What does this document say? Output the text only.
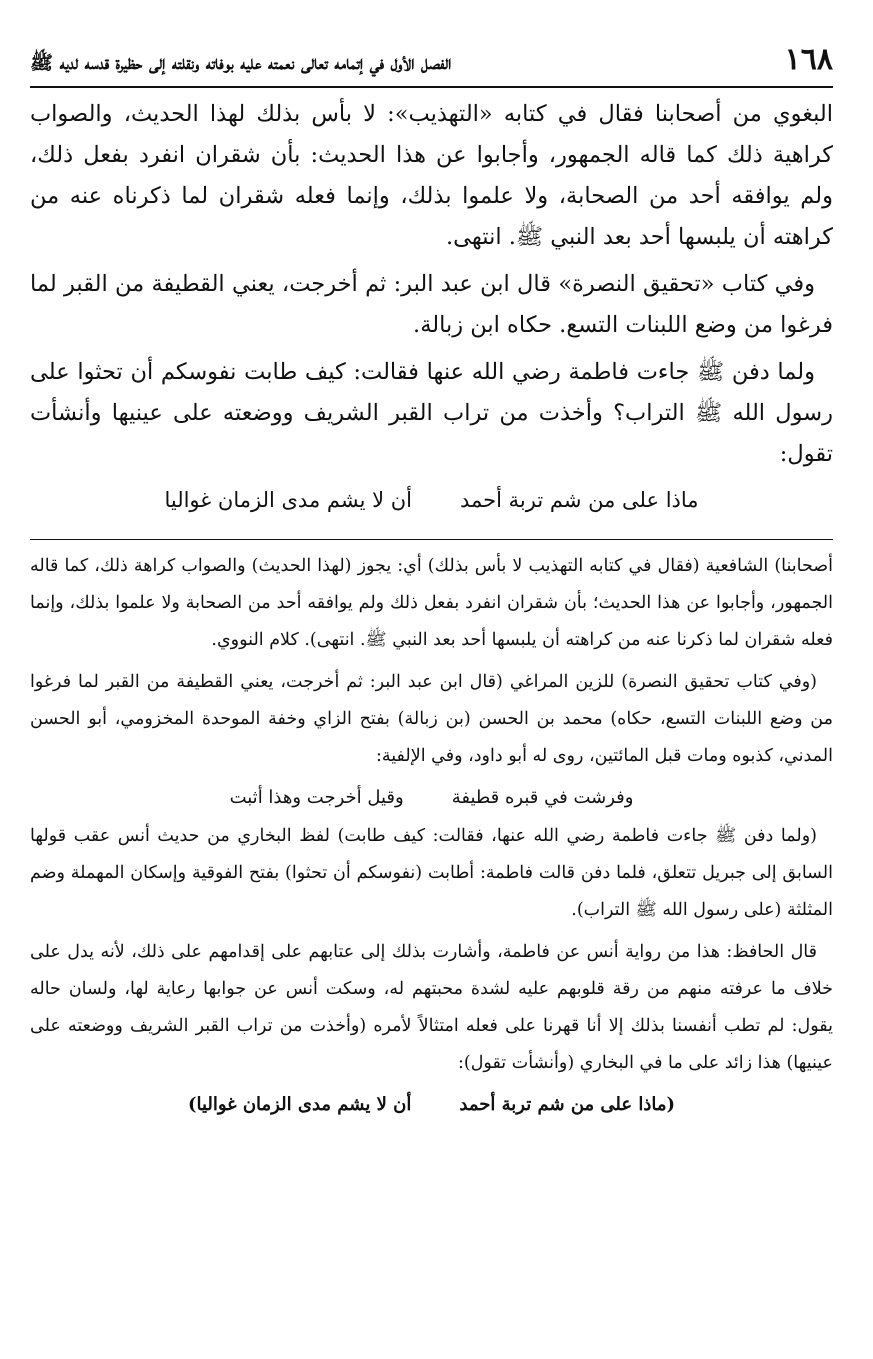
١٦٨
الفصل الأول في إتمامه تعالى نعمته عليه بوفاته ونقلته إلى حظيرة قدسه لديه ﷺ

البغوي من أصحابنا فقال في كتابه «التهذيب»: لا بأس بذلك لهذا الحديث، والصواب كراهية ذلك كما قاله الجمهور، وأجابوا عن هذا الحديث: بأن شقران انفرد بفعل ذلك، ولم يوافقه أحد من الصحابة، ولا علموا بذلك، وإنما فعله شقران لما ذكرناه عنه من كراهته أن يلبسها أحد بعد النبي ﷺ. انتهى.

وفي كتاب «تحقيق النصرة» قال ابن عبد البر: ثم أخرجت، يعني القطيفة من القبر لما فرغوا من وضع اللبنات التسع. حكاه ابن زبالة.

ولما دفن ﷺ جاءت فاطمة رضي الله عنها فقالت: كيف طابت نفوسكم أن تحثوا على رسول الله ﷺ التراب؟ وأخذت من تراب القبر الشريف ووضعته على عينيها وأنشأت تقول:

ماذا على من شم تربة أحمد
أن لا يشم مدى الزمان غواليا

أصحابنا) الشافعية (فقال في كتابه التهذيب لا بأس بذلك) أي: يجوز (لهذا الحديث) والصواب كراهة ذلك، كما قاله الجمهور، وأجابوا عن هذا الحديث؛ بأن شقران انفرد بفعل ذلك ولم يوافقه أحد من الصحابة ولا علموا بذلك، وإنما فعله شقران لما ذكرنا عنه من كراهته أن يلبسها أحد بعد النبي ﷺ. انتهى). كلام النووي.

(وفي كتاب تحقيق النصرة) للزين المراغي (قال ابن عبد البر: ثم أخرجت، يعني القطيفة من القبر لما فرغوا من وضع اللبنات التسع، حكاه) محمد بن الحسن (بن زبالة) بفتح الزاي وخفة الموحدة المخزومي، أبو الحسن المدني، كذبوه ومات قبل المائتين، روى له أبو داود، وفي الإلفية:

وفرشت في قبره قطيفة
وقيل أخرجت وهذا أثبت

(ولما دفن ﷺ جاءت فاطمة رضي الله عنها، فقالت: كيف طابت) لفظ البخاري من حديث أنس عقب قولها السابق إلى جبريل تتعلق، فلما دفن قالت فاطمة: أطابت (نفوسكم أن تحثوا) بفتح الفوقية وإسكان المهملة وضم المثلثة (على رسول الله ﷺ التراب).

قال الحافظ: هذا من رواية أنس عن فاطمة، وأشارت بذلك إلى عتابهم على إقدامهم على ذلك، لأنه يدل على خلاف ما عرفته منهم من رقة قلوبهم عليه لشدة محبتهم له، وسكت أنس عن جوابها رعاية لها، ولسان حاله يقول: لم تطب أنفسنا بذلك إلا أنا قهرنا على فعله امتثالاً لأمره (وأخذت من تراب القبر الشريف ووضعته على عينيها) هذا زائد على ما في البخاري (وأنشأت تقول):

(ماذا على من شم تربة أحمد
أن لا يشم مدى الزمان غواليا)
